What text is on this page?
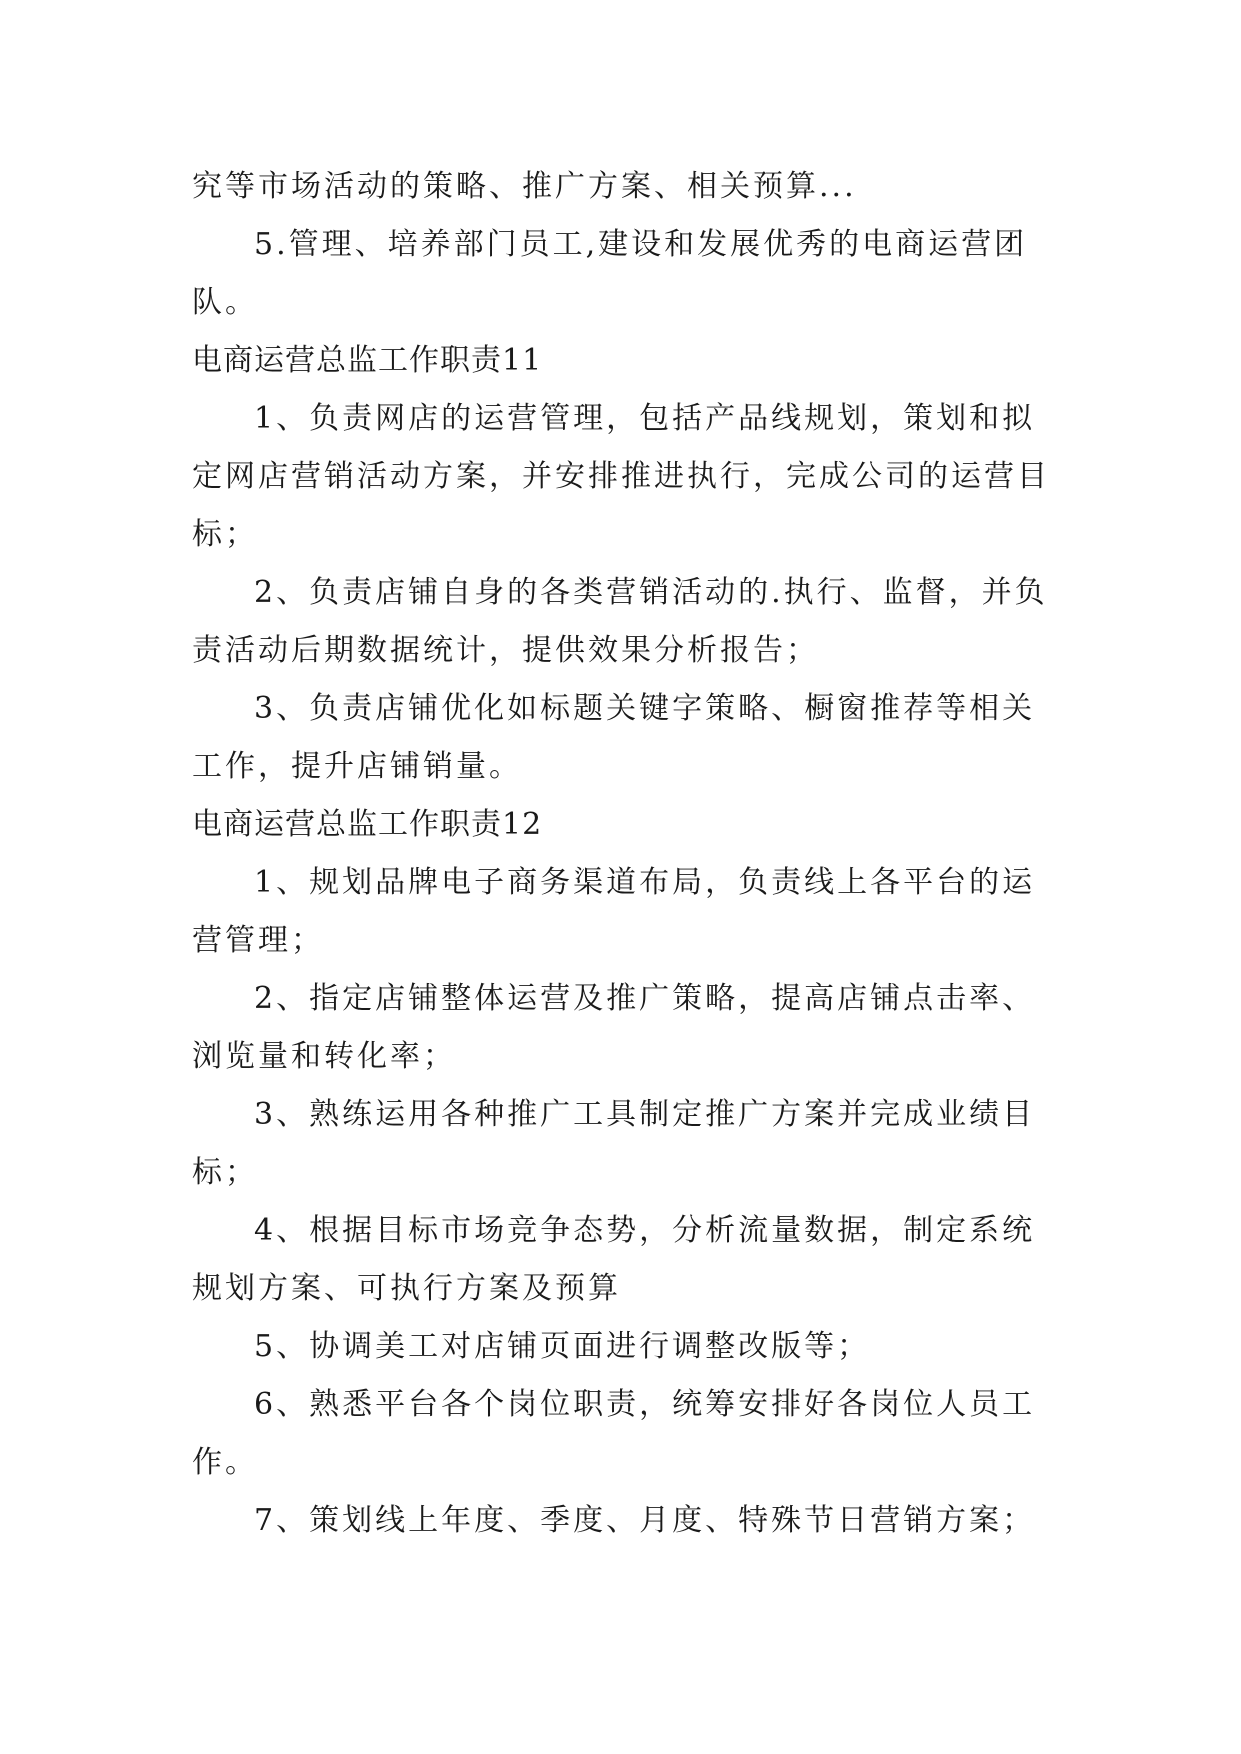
究等市场活动的策略、推广方案、相关预算...
5.管理、培养部门员工,建设和发展优秀的电商运营团
队。
电商运营总监工作职责11
1、负责网店的运营管理，包括产品线规划，策划和拟
定网店营销活动方案，并安排推进执行，完成公司的运营目
标；
2、负责店铺自身的各类营销活动的.执行、监督，并负
责活动后期数据统计，提供效果分析报告；
3、负责店铺优化如标题关键字策略、橱窗推荐等相关
工作，提升店铺销量。
电商运营总监工作职责12
1、规划品牌电子商务渠道布局，负责线上各平台的运
营管理；
2、指定店铺整体运营及推广策略，提高店铺点击率、
浏览量和转化率；
3、熟练运用各种推广工具制定推广方案并完成业绩目
标；
4、根据目标市场竞争态势，分析流量数据，制定系统
规划方案、可执行方案及预算
5、协调美工对店铺页面进行调整改版等；
6、熟悉平台各个岗位职责，统筹安排好各岗位人员工
作。
7、策划线上年度、季度、月度、特殊节日营销方案；
